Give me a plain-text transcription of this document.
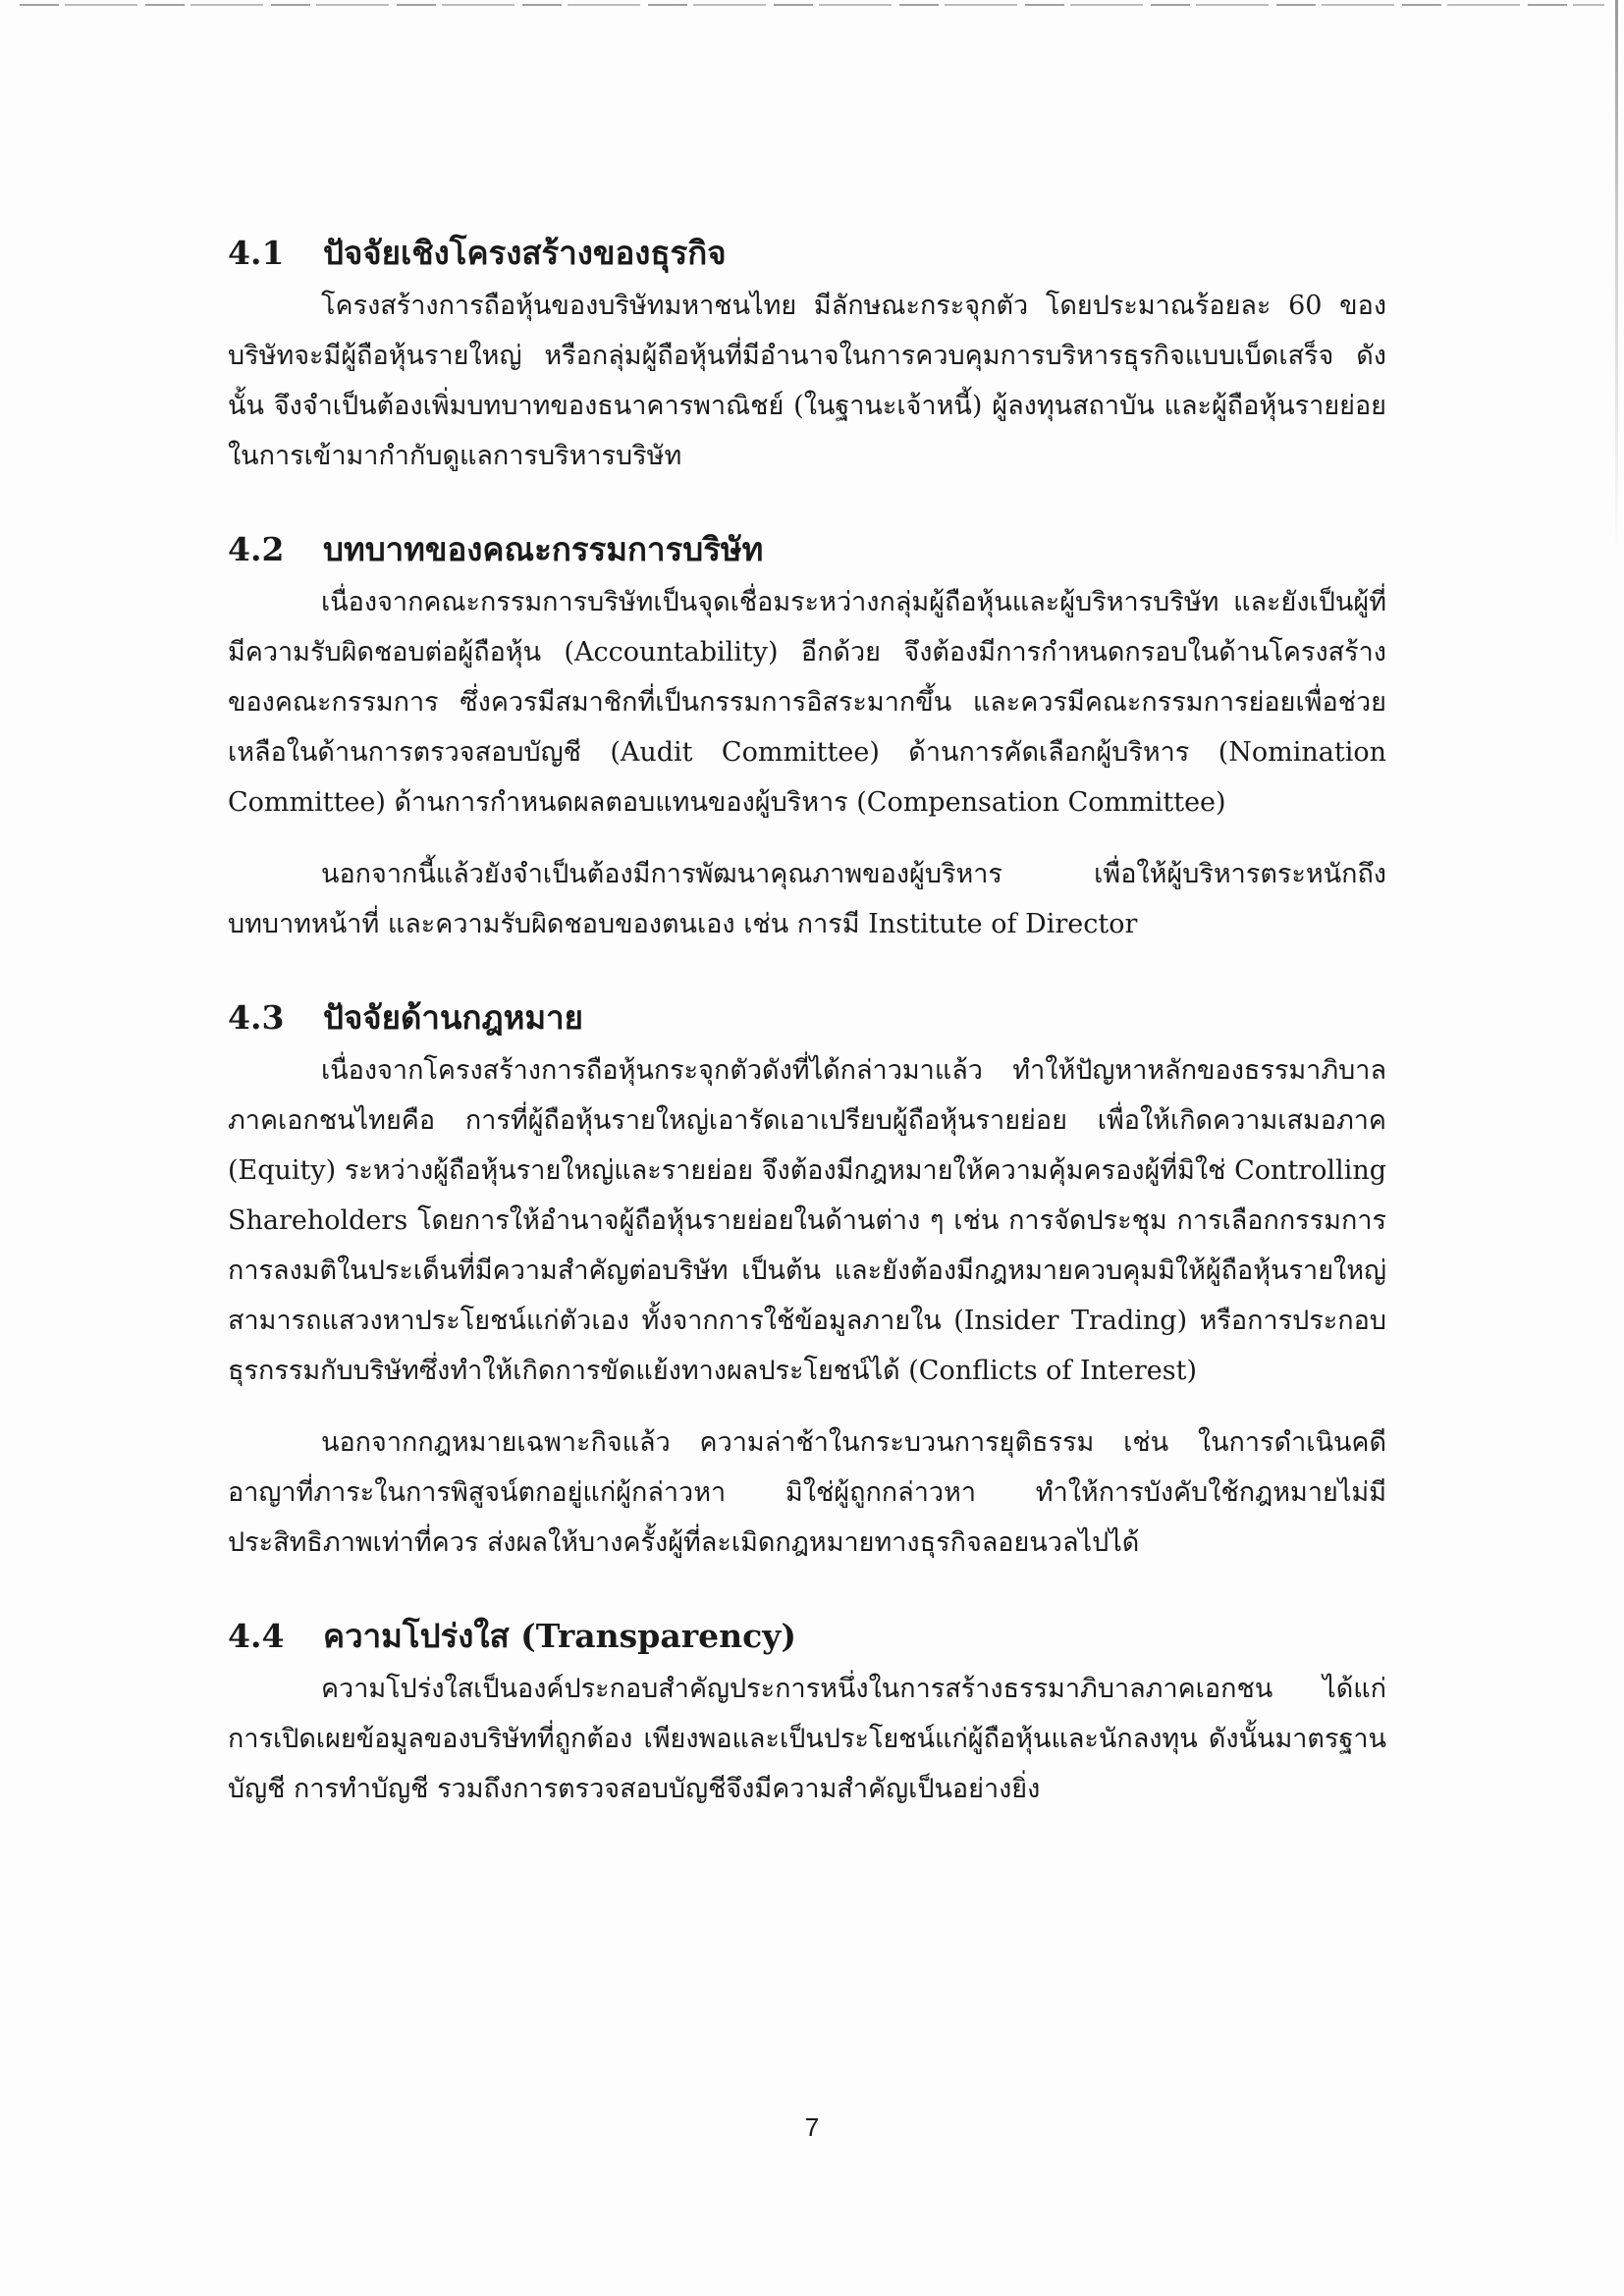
4.1	ปัจจัยเชิงโครงสร้างของธุรกิจ

โครงสร้างการถือหุ้นของบริษัทมหาชนไทย มีลักษณะกระจุกตัว โดยประมาณร้อยละ 60 ของบริษัทจะมีผู้ถือหุ้นรายใหญ่ หรือกลุ่มผู้ถือหุ้นที่มีอำนาจในการควบคุมการบริหารธุรกิจแบบเบ็ดเสร็จ ดังนั้น จึงจำเป็นต้องเพิ่มบทบาทของธนาคารพาณิชย์ (ในฐานะเจ้าหนี้) ผู้ลงทุนสถาบัน และผู้ถือหุ้นรายย่อยในการเข้ามากำกับดูแลการบริหารบริษัท

4.2	บทบาทของคณะกรรมการบริษัท

เนื่องจากคณะกรรมการบริษัทเป็นจุดเชื่อมระหว่างกลุ่มผู้ถือหุ้นและผู้บริหารบริษัท และยังเป็นผู้ที่มีความรับผิดชอบต่อผู้ถือหุ้น (Accountability) อีกด้วย จึงต้องมีการกำหนดกรอบในด้านโครงสร้างของคณะกรรมการ ซึ่งควรมีสมาชิกที่เป็นกรรมการอิสระมากขึ้น และควรมีคณะกรรมการย่อยเพื่อช่วยเหลือในด้านการตรวจสอบบัญชี (Audit Committee) ด้านการคัดเลือกผู้บริหาร (Nomination Committee) ด้านการกำหนดผลตอบแทนของผู้บริหาร (Compensation Committee)

นอกจากนี้แล้วยังจำเป็นต้องมีการพัฒนาคุณภาพของผู้บริหาร เพื่อให้ผู้บริหารตระหนักถึงบทบาทหน้าที่ และความรับผิดชอบของตนเอง เช่น การมี Institute of Director

4.3	ปัจจัยด้านกฎหมาย

เนื่องจากโครงสร้างการถือหุ้นกระจุกตัวดังที่ได้กล่าวมาแล้ว ทำให้ปัญหาหลักของธรรมาภิบาลภาคเอกชนไทยคือ การที่ผู้ถือหุ้นรายใหญ่เอารัดเอาเปรียบผู้ถือหุ้นรายย่อย เพื่อให้เกิดความเสมอภาค (Equity) ระหว่างผู้ถือหุ้นรายใหญ่และรายย่อย จึงต้องมีกฎหมายให้ความคุ้มครองผู้ที่มิใช่ Controlling Shareholders โดยการให้อำนาจผู้ถือหุ้นรายย่อยในด้านต่าง ๆ เช่น การจัดประชุม การเลือกกรรมการ การลงมติในประเด็นที่มีความสำคัญต่อบริษัท เป็นต้น และยังต้องมีกฎหมายควบคุมมิให้ผู้ถือหุ้นรายใหญ่สามารถแสวงหาประโยชน์แก่ตัวเอง ทั้งจากการใช้ข้อมูลภายใน (Insider Trading) หรือการประกอบธุรกรรมกับบริษัทซึ่งทำให้เกิดการขัดแย้งทางผลประโยชน์ได้ (Conflicts of Interest)

นอกจากกฎหมายเฉพาะกิจแล้ว ความล่าช้าในกระบวนการยุติธรรม เช่น ในการดำเนินคดีอาญาที่ภาระในการพิสูจน์ตกอยู่แก่ผู้กล่าวหา มิใช่ผู้ถูกกล่าวหา ทำให้การบังคับใช้กฎหมายไม่มีประสิทธิภาพเท่าที่ควร ส่งผลให้บางครั้งผู้ที่ละเมิดกฎหมายทางธุรกิจลอยนวลไปได้

4.4	ความโปร่งใส (Transparency)

ความโปร่งใสเป็นองค์ประกอบสำคัญประการหนึ่งในการสร้างธรรมาภิบาลภาคเอกชน ได้แก่การเปิดเผยข้อมูลของบริษัทที่ถูกต้อง เพียงพอและเป็นประโยชน์แก่ผู้ถือหุ้นและนักลงทุน ดังนั้นมาตรฐานบัญชี การทำบัญชี รวมถึงการตรวจสอบบัญชีจึงมีความสำคัญเป็นอย่างยิ่ง

7
